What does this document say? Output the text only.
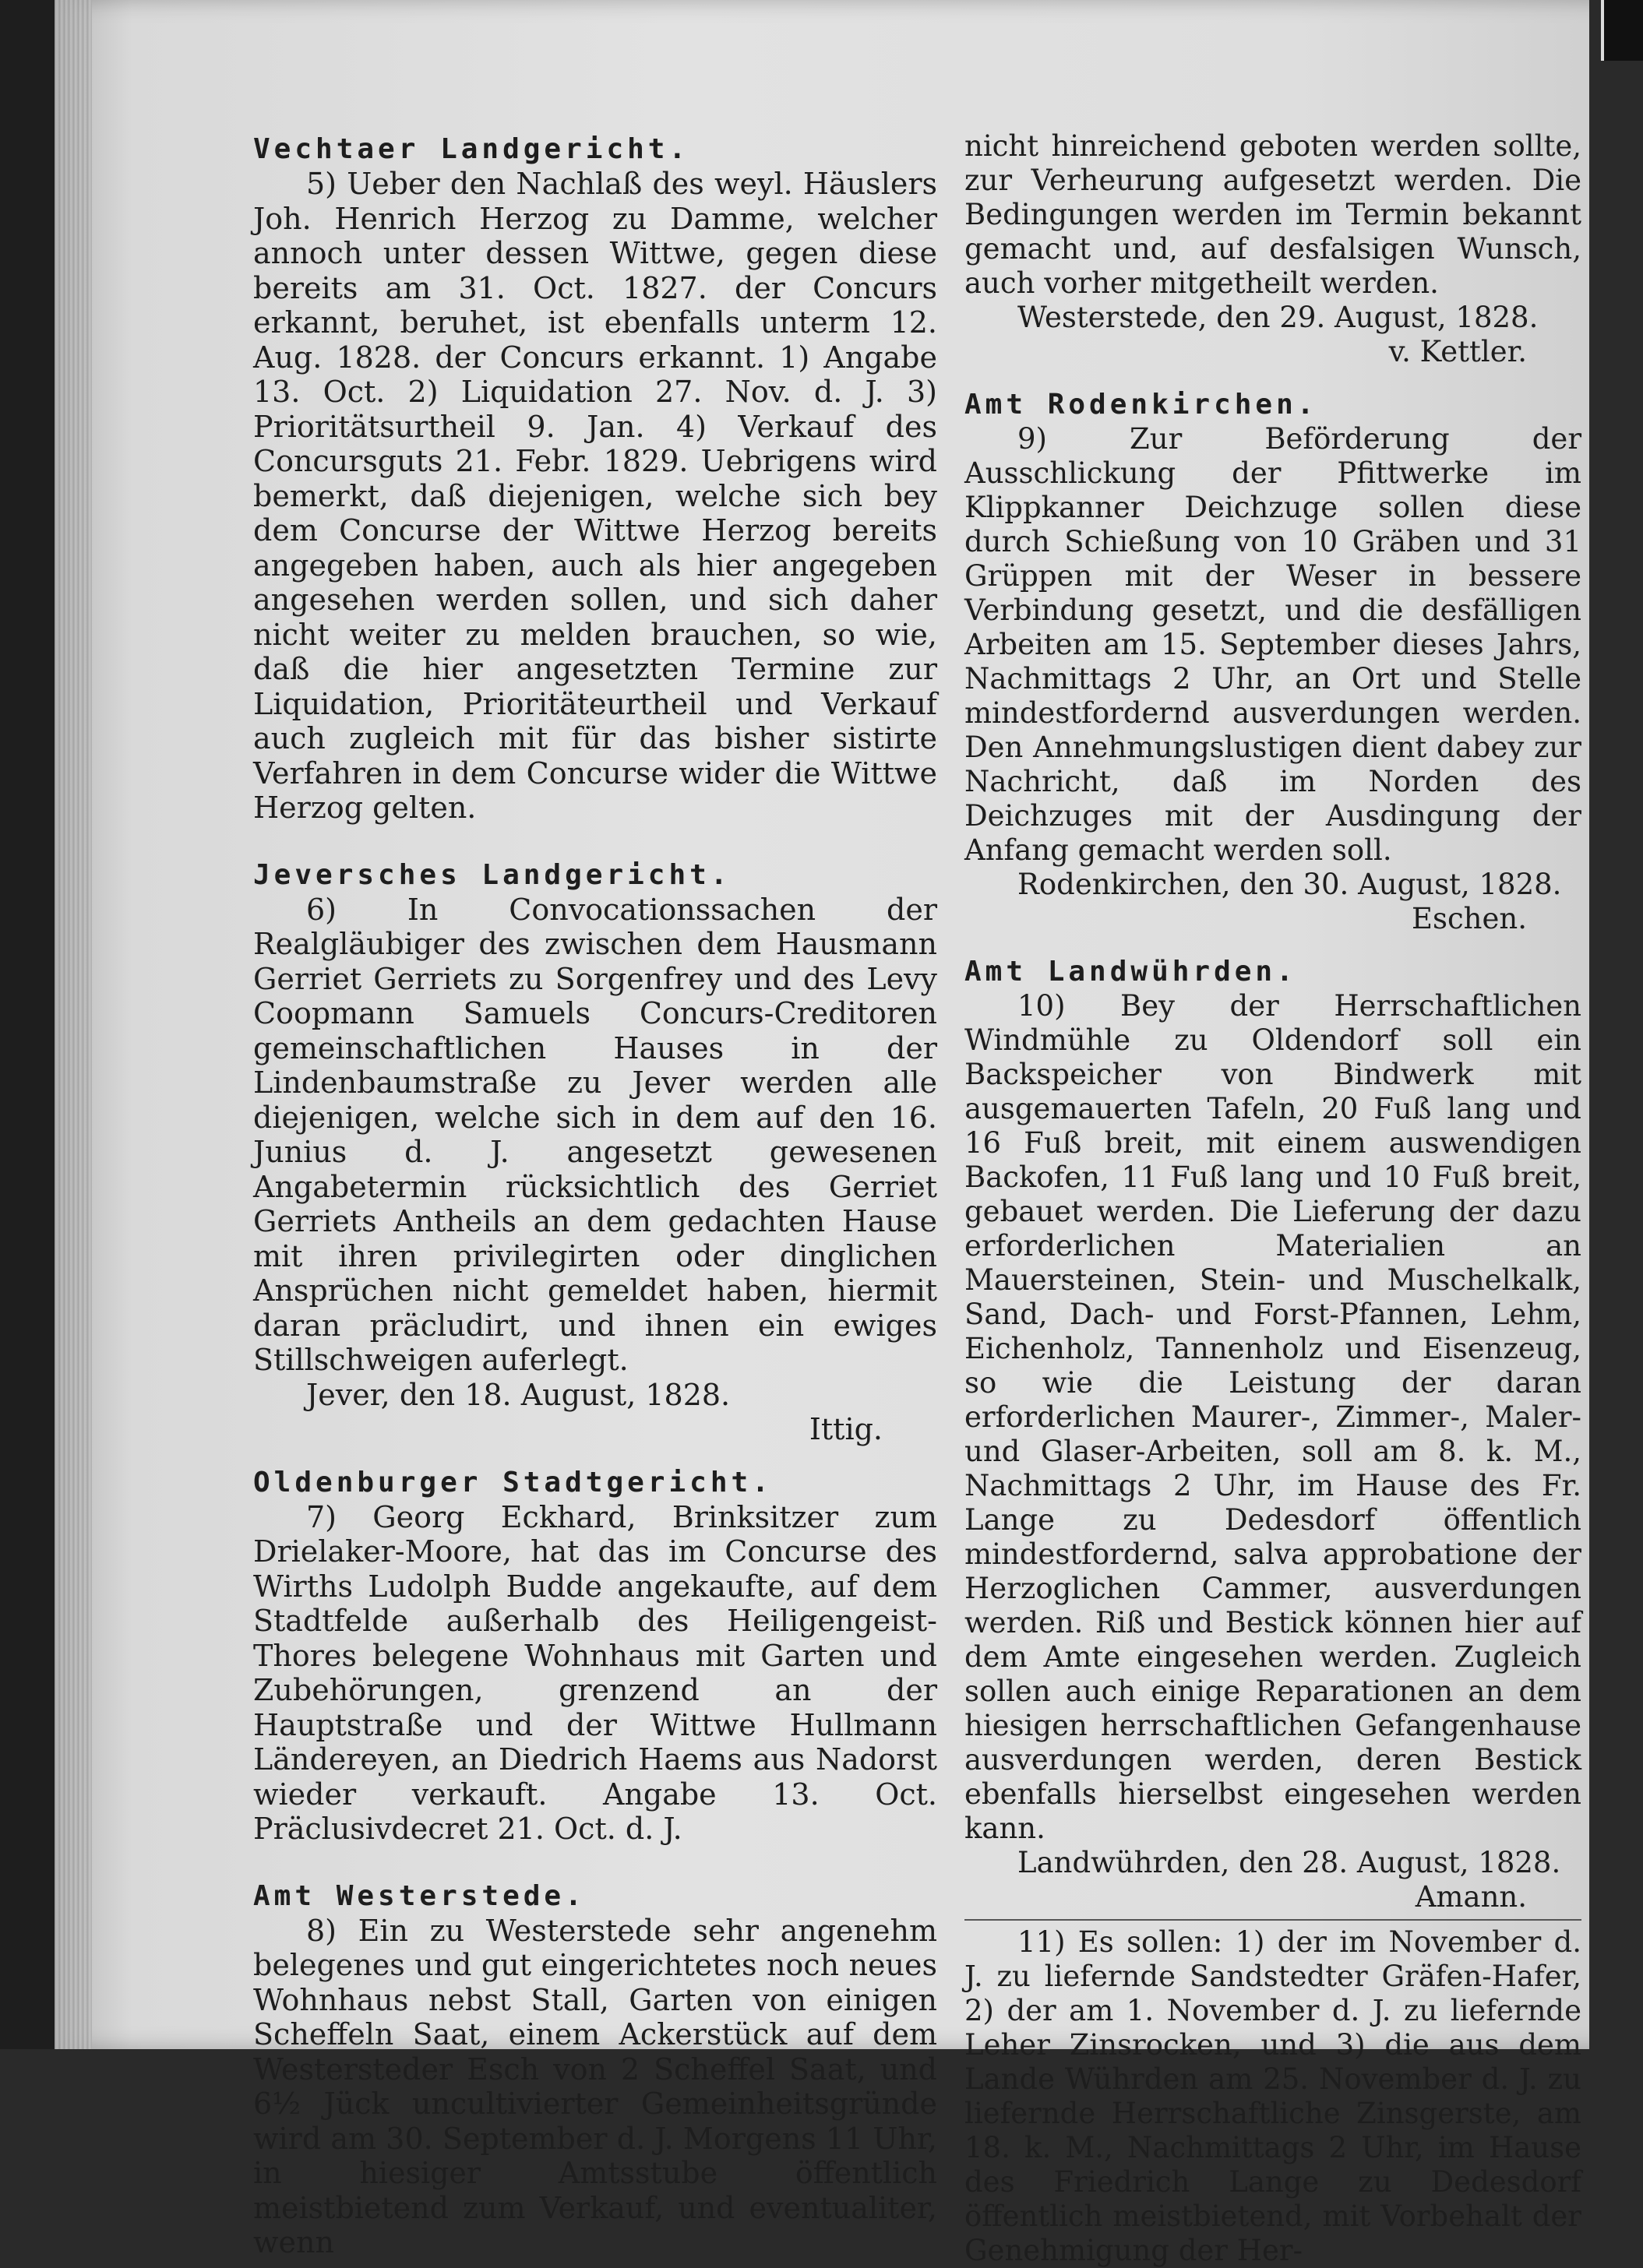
Vechtaer Landgericht.

5) Ueber den Nachlaß des weyl. Häuslers Joh. Henrich Herzog zu Damme, welcher annoch unter dessen Wittwe, gegen diese bereits am 31. Oct. 1827. der Concurs erkannt, beruhet, ist ebenfalls unterm 12. Aug. 1828. der Concurs erkannt. 1) Angabe 13. Oct. 2) Liquidation 27. Nov. d. J. 3) Prioritätsurtheil 9. Jan. 4) Verkauf des Concursguts 21. Febr. 1829. Uebrigens wird bemerkt, daß diejenigen, welche sich bey dem Concurse der Wittwe Herzog bereits angegeben haben, auch als hier angegeben angesehen werden sollen, und sich daher nicht weiter zu melden brauchen, so wie, daß die hier angesetzten Termine zur Liquidation, Prioritäteurtheil und Verkauf auch zugleich mit für das bisher sistirte Verfahren in dem Concurse wider die Wittwe Herzog gelten.

Jeversches Landgericht.

6) In Convocationssachen der Realgläubiger des zwischen dem Hausmann Gerriet Gerriets zu Sorgenfrey und des Levy Coopmann Samuels Concurs-Creditoren gemeinschaftlichen Hauses in der Lindenbaumstraße zu Jever werden alle diejenigen, welche sich in dem auf den 16. Junius d. J. angesetzt gewesenen Angabetermin rücksichtlich des Gerriet Gerriets Antheils an dem gedachten Hause mit ihren privilegirten oder dinglichen Ansprüchen nicht gemeldet haben, hiermit daran präcludirt, und ihnen ein ewiges Stillschweigen auferlegt.

Jever, den 18. August, 1828.

Ittig.

Oldenburger Stadtgericht.

7) Georg Eckhard, Brinksitzer zum Drielaker-Moore, hat das im Concurse des Wirths Ludolph Budde angekaufte, auf dem Stadtfelde außerhalb des Heiligengeist-Thores belegene Wohnhaus mit Garten und Zubehörungen, grenzend an der Hauptstraße und der Wittwe Hullmann Ländereyen, an Diedrich Haems aus Nadorst wieder verkauft. Angabe 13. Oct. Präclusivdecret 21. Oct. d. J.

Amt Westerstede.

8) Ein zu Westerstede sehr angenehm belegenes und gut eingerichtetes noch neues Wohnhaus nebst Stall, Garten von einigen Scheffeln Saat, einem Ackerstück auf dem Westersteder Esch von 2 Scheffel Saat, und 6½ Jück uncultivierter Gemeinheitsgründe wird am 30. September d. J. Morgens 11 Uhr, in hiesiger Amtsstube öffentlich meistbietend zum Verkauf, und eventualiter, wenn

nicht hinreichend geboten werden sollte, zur Verheurung aufgesetzt werden. Die Bedingungen werden im Termin bekannt gemacht und, auf desfalsigen Wunsch, auch vorher mitgetheilt werden.

Westerstede, den 29. August, 1828.

v. Kettler.

Amt Rodenkirchen.

9) Zur Beförderung der Ausschlickung der Pfittwerke im Klippkanner Deichzuge sollen diese durch Schießung von 10 Gräben und 31 Grüppen mit der Weser in bessere Verbindung gesetzt, und die desfälligen Arbeiten am 15. September dieses Jahrs, Nachmittags 2 Uhr, an Ort und Stelle mindestfordernd ausverdungen werden. Den Annehmungslustigen dient dabey zur Nachricht, daß im Norden des Deichzuges mit der Ausdingung der Anfang gemacht werden soll.

Rodenkirchen, den 30. August, 1828.

Eschen.

Amt Landwührden.

10) Bey der Herrschaftlichen Windmühle zu Oldendorf soll ein Backspeicher von Bindwerk mit ausgemauerten Tafeln, 20 Fuß lang und 16 Fuß breit, mit einem auswendigen Backofen, 11 Fuß lang und 10 Fuß breit, gebauet werden. Die Lieferung der dazu erforderlichen Materialien an Mauersteinen, Stein- und Muschelkalk, Sand, Dach- und Forst-Pfannen, Lehm, Eichenholz, Tannenholz und Eisenzeug, so wie die Leistung der daran erforderlichen Maurer-, Zimmer-, Maler- und Glaser-Arbeiten, soll am 8. k. M., Nachmittags 2 Uhr, im Hause des Fr. Lange zu Dedesdorf öffentlich mindestfordernd, salva approbatione der Herzoglichen Cammer, ausverdungen werden. Riß und Bestick können hier auf dem Amte eingesehen werden. Zugleich sollen auch einige Reparationen an dem hiesigen herrschaftlichen Gefangenhause ausverdungen werden, deren Bestick ebenfalls hierselbst eingesehen werden kann.

Landwührden, den 28. August, 1828.

Amann.

11) Es sollen: 1) der im November d. J. zu liefernde Sandstedter Gräfen-Hafer, 2) der am 1. November d. J. zu liefernde Leher Zinsrocken, und 3) die aus dem Lande Wührden am 25. November d. J. zu liefernde Herrschaftliche Zinsgerste, am 18. k. M., Nachmittags 2 Uhr, im Hause des Friedrich Lange zu Dedesdorf öffentlich meistbietend, mit Vorbehalt der Genehmigung der Her-
